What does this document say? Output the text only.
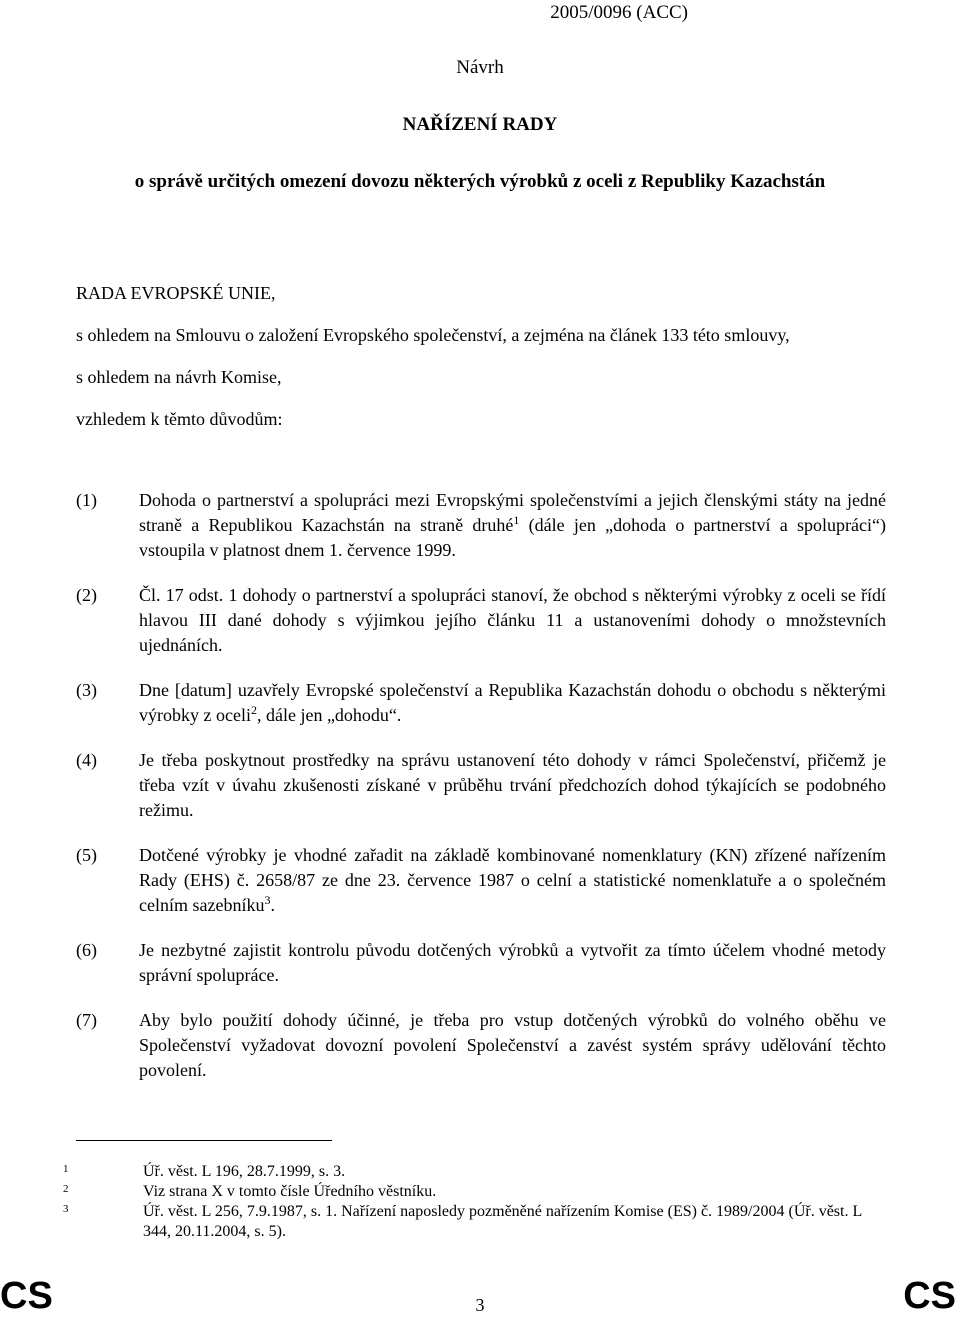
2005/0096 (ACC)
Návrh
NAŘÍZENÍ RADY
o správě určitých omezení dovozu některých výrobků z oceli z Republiky Kazachstán

RADA EVROPSKÉ UNIE,

s ohledem na Smlouvu o založení Evropského společenství, a zejména na článek 133 této smlouvy,

s ohledem na návrh Komise,

vzhledem k těmto důvodům:

(1)	Dohoda o partnerství a spolupráci mezi Evropskými společenstvími a jejich členskými státy na jedné straně a Republikou Kazachstán na straně druhé$^1$ (dále jen „dohoda o partnerství a spolupráci“) vstoupila v platnost dnem 1. července 1999.
(2)	Čl. 17 odst. 1 dohody o partnerství a spolupráci stanoví, že obchod s některými výrobky z oceli se řídí hlavou III dané dohody s výjimkou jejího článku 11 a ustanoveními dohody o množstevních ujednáních.
(3)	Dne [datum] uzavřely Evropské společenství a Republika Kazachstán dohodu o obchodu s některými výrobky z oceli$^2$, dále jen „dohodu“.
(4)	Je třeba poskytnout prostředky na správu ustanovení této dohody v rámci Společenství, přičemž je třeba vzít v úvahu zkušenosti získané v průběhu trvání předchozích dohod týkajících se podobného režimu.
(5)	Dotčené výrobky je vhodné zařadit na základě kombinované nomenklatury (KN) zřízené nařízením Rady (EHS) č. 2658/87 ze dne 23. července 1987 o celní a statistické nomenklatuře a o společném celním sazebníku$^3$.
(6)	Je nezbytné zajistit kontrolu původu dotčených výrobků a vytvořit za tímto účelem vhodné metody správní spolupráce.
(7)	Aby bylo použití dohody účinné, je třeba pro vstup dotčených výrobků do volného oběhu ve Společenství vyžadovat dovozní povolení Společenství a zavést systém správy udělování těchto povolení.
1	Úř. věst. L 196, 28.7.1999, s. 3.
2	Viz strana X v tomto čísle Úředního věstníku.
3	Úř. věst. L 256, 7.9.1987, s. 1. Nařízení naposledy pozměněné nařízením Komise (ES) č. 1989/2004 (Úř. věst. L 344, 20.11.2004, s. 5).
CS	3	CS
